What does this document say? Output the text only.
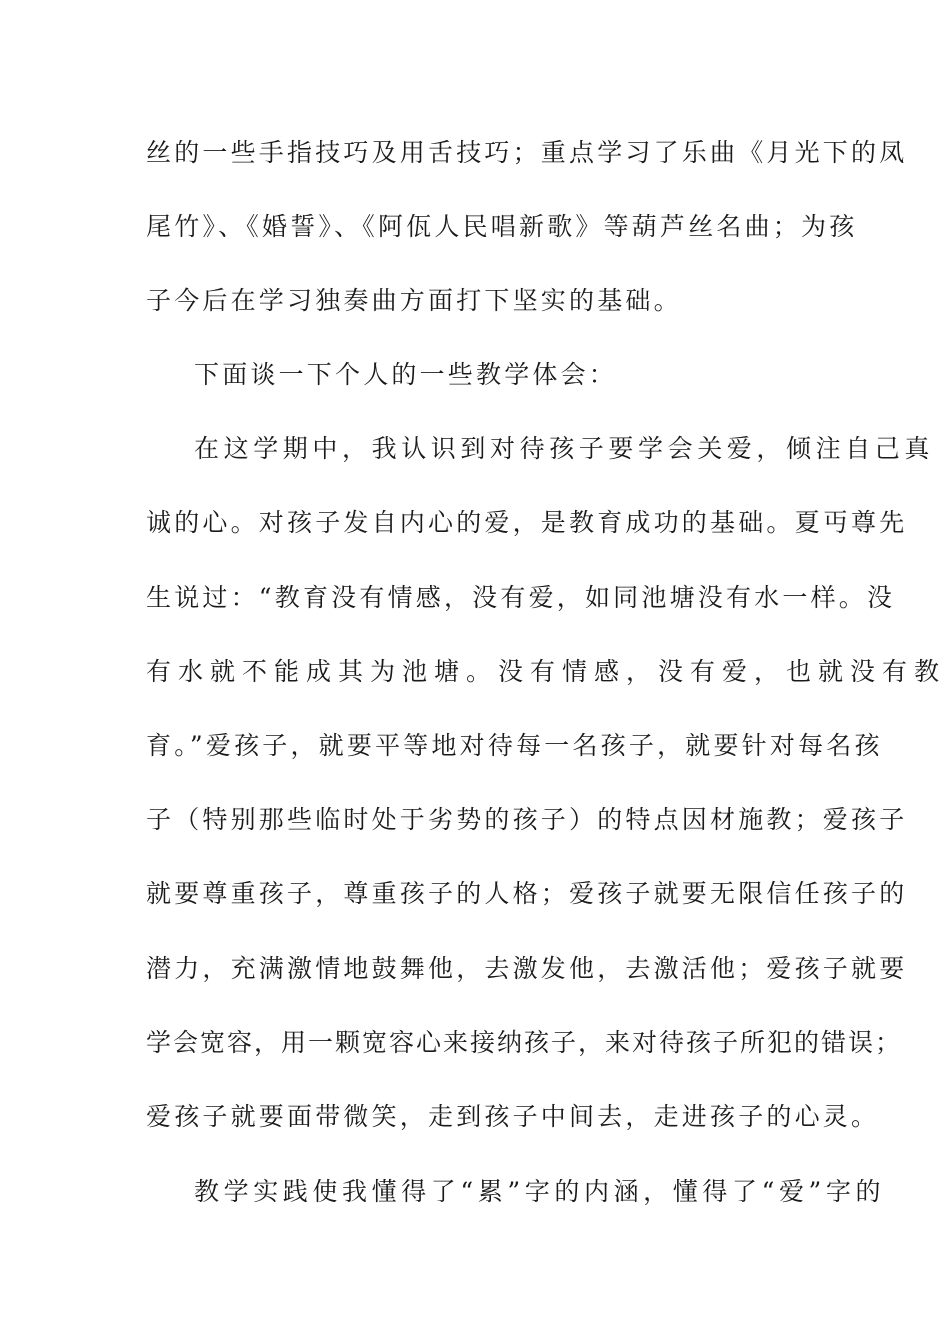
丝的一些手指技巧及用舌技巧；重点学习了乐曲《月光下的凤
尾竹》、《婚誓》、《阿佤人民唱新歌》等葫芦丝名曲；为孩
子今后在学习独奏曲方面打下坚实的基础。
下面谈一下个人的一些教学体会：
在这学期中，我认识到对待孩子要学会关爱，倾注自己真
诚的心。对孩子发自内心的爱，是教育成功的基础。夏丏尊先
生说过：“教育没有情感，没有爱，如同池塘没有水一样。没
有水就不能成其为池塘。没有情感，没有爱，也就没有教
育。”爱孩子，就要平等地对待每一名孩子，就要针对每名孩
子（特别那些临时处于劣势的孩子）的特点因材施教；爱孩子
就要尊重孩子，尊重孩子的人格；爱孩子就要无限信任孩子的
潜力，充满激情地鼓舞他，去激发他，去激活他；爱孩子就要
学会宽容，用一颗宽容心来接纳孩子，来对待孩子所犯的错误；
爱孩子就要面带微笑，走到孩子中间去，走进孩子的心灵。
教学实践使我懂得了“累”字的内涵，懂得了“爱”字的
